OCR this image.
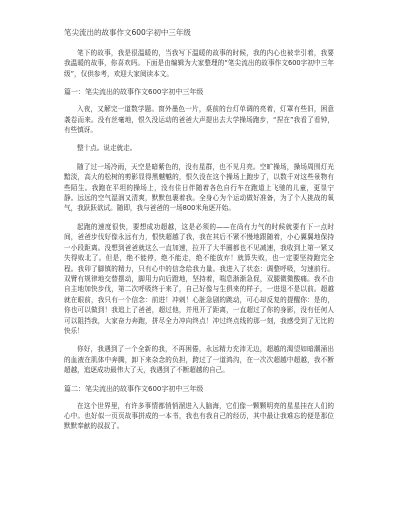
笔尖流出的故事作文600字初中三年级

笔下的故事，我是很温暖的，当我写下温暖的故事的时候，我的内心也被幸引着，我要我温暖的故事，你喜欢吗。下面是由编辑为大家整理的“笔尖流出的故事作文600字初中三年级”，仅供参考，欢迎大家阅读本文。

篇一：笔尖流出的故事作文600字初中三年级

入夜，又解完一道数学题。窗外墨色一片，桌前的台灯单调的亮着，灯罩有些旧，困意袭卷而来。没有丝毫地，恨久没运动的爸爸大声提出去大学操场跑步，“捏在”我看了看钟，有些慎讶。

整十点。说走就走。

随了过一场冷雨，天空是暗紫色的，没有星群，也不见月亮。空旷操场，操场周围灯光黯淡，高大的松树的剪影显得黑魆魆的，恨久没在这个操场上跑步了，以数千对这些景物有些陌生。我跑在平坦的操场上，没有住日伴随着各色自行车在跑道上飞驰的儿童，更显宁静。远远的空气湿润又清爽，默默包裹着我。全身心为个运动做好准备，为了个人挑战的氧气，我跃跃欲试。随即，我与爸爸的一场800米角逐开始。

起跑的速度很快，要想成功超越，这是必须的——在尚有力气的时候就要有下一点时间，爸爸步伐好像永远有力，恨快超越了我，我在其后不紧不慢地跟随着，小心翼翼地保持一小段距离。没想到爸爸就这么一直加速，拉开了大半圈都也不见减速，我收到上第一紧又失得败北了。但是，绝不能停，绝不能走，绝不能放弃！就算失败，也一定要坚持跑完全程。我卯了脚镇的精力，只有心中的信念给我力量。我进入了状态：调整呼吸，匀速前行。双臂有规律地交替摆动，脚用力向后蹬地，坚持着，喘息渐渐急促，双腿微微酸痛。我不由自主地加快步伐，第二次呼吸终于来了，自己好像与生俱来的样子，一进退不是以前。超越就在眼前，我只有一个信念：前进！冲刺！心脏急剧的跳动，可心却反复的提醒你：是的，你也可以做到！我追上了爸爸，超过他，并甩开了距离，一直超过了你的身影，没有任何人可以阻挡我，大家奋力奔跑，拼尽全力冲向终点！冲过终点线的那一刻，我感受到了无比的快乐！

你好，我遇到了一个全新的我，不再困倦，永远精力充沛无边，超越的渴望如暗潮涌出的血液在肌体中奔腾，卸下来杂念的负担，跨过了一道鸿沟，在一次次超越中超越，我不断超越，追逐成功最伟大了天，我遇到了不断超越的自己。

篇二：笔尖流出的故事作文600字初中三年级

在这个世界里，有许多事情都悄悄溜进入人脑海，它们像一颗颗明亮的星星挂在人们的心中。也好似一页页故事拼成的一本书，我也有我自己的经历，其中最让我难忘的便是那位默默奉献的叔叔了。
